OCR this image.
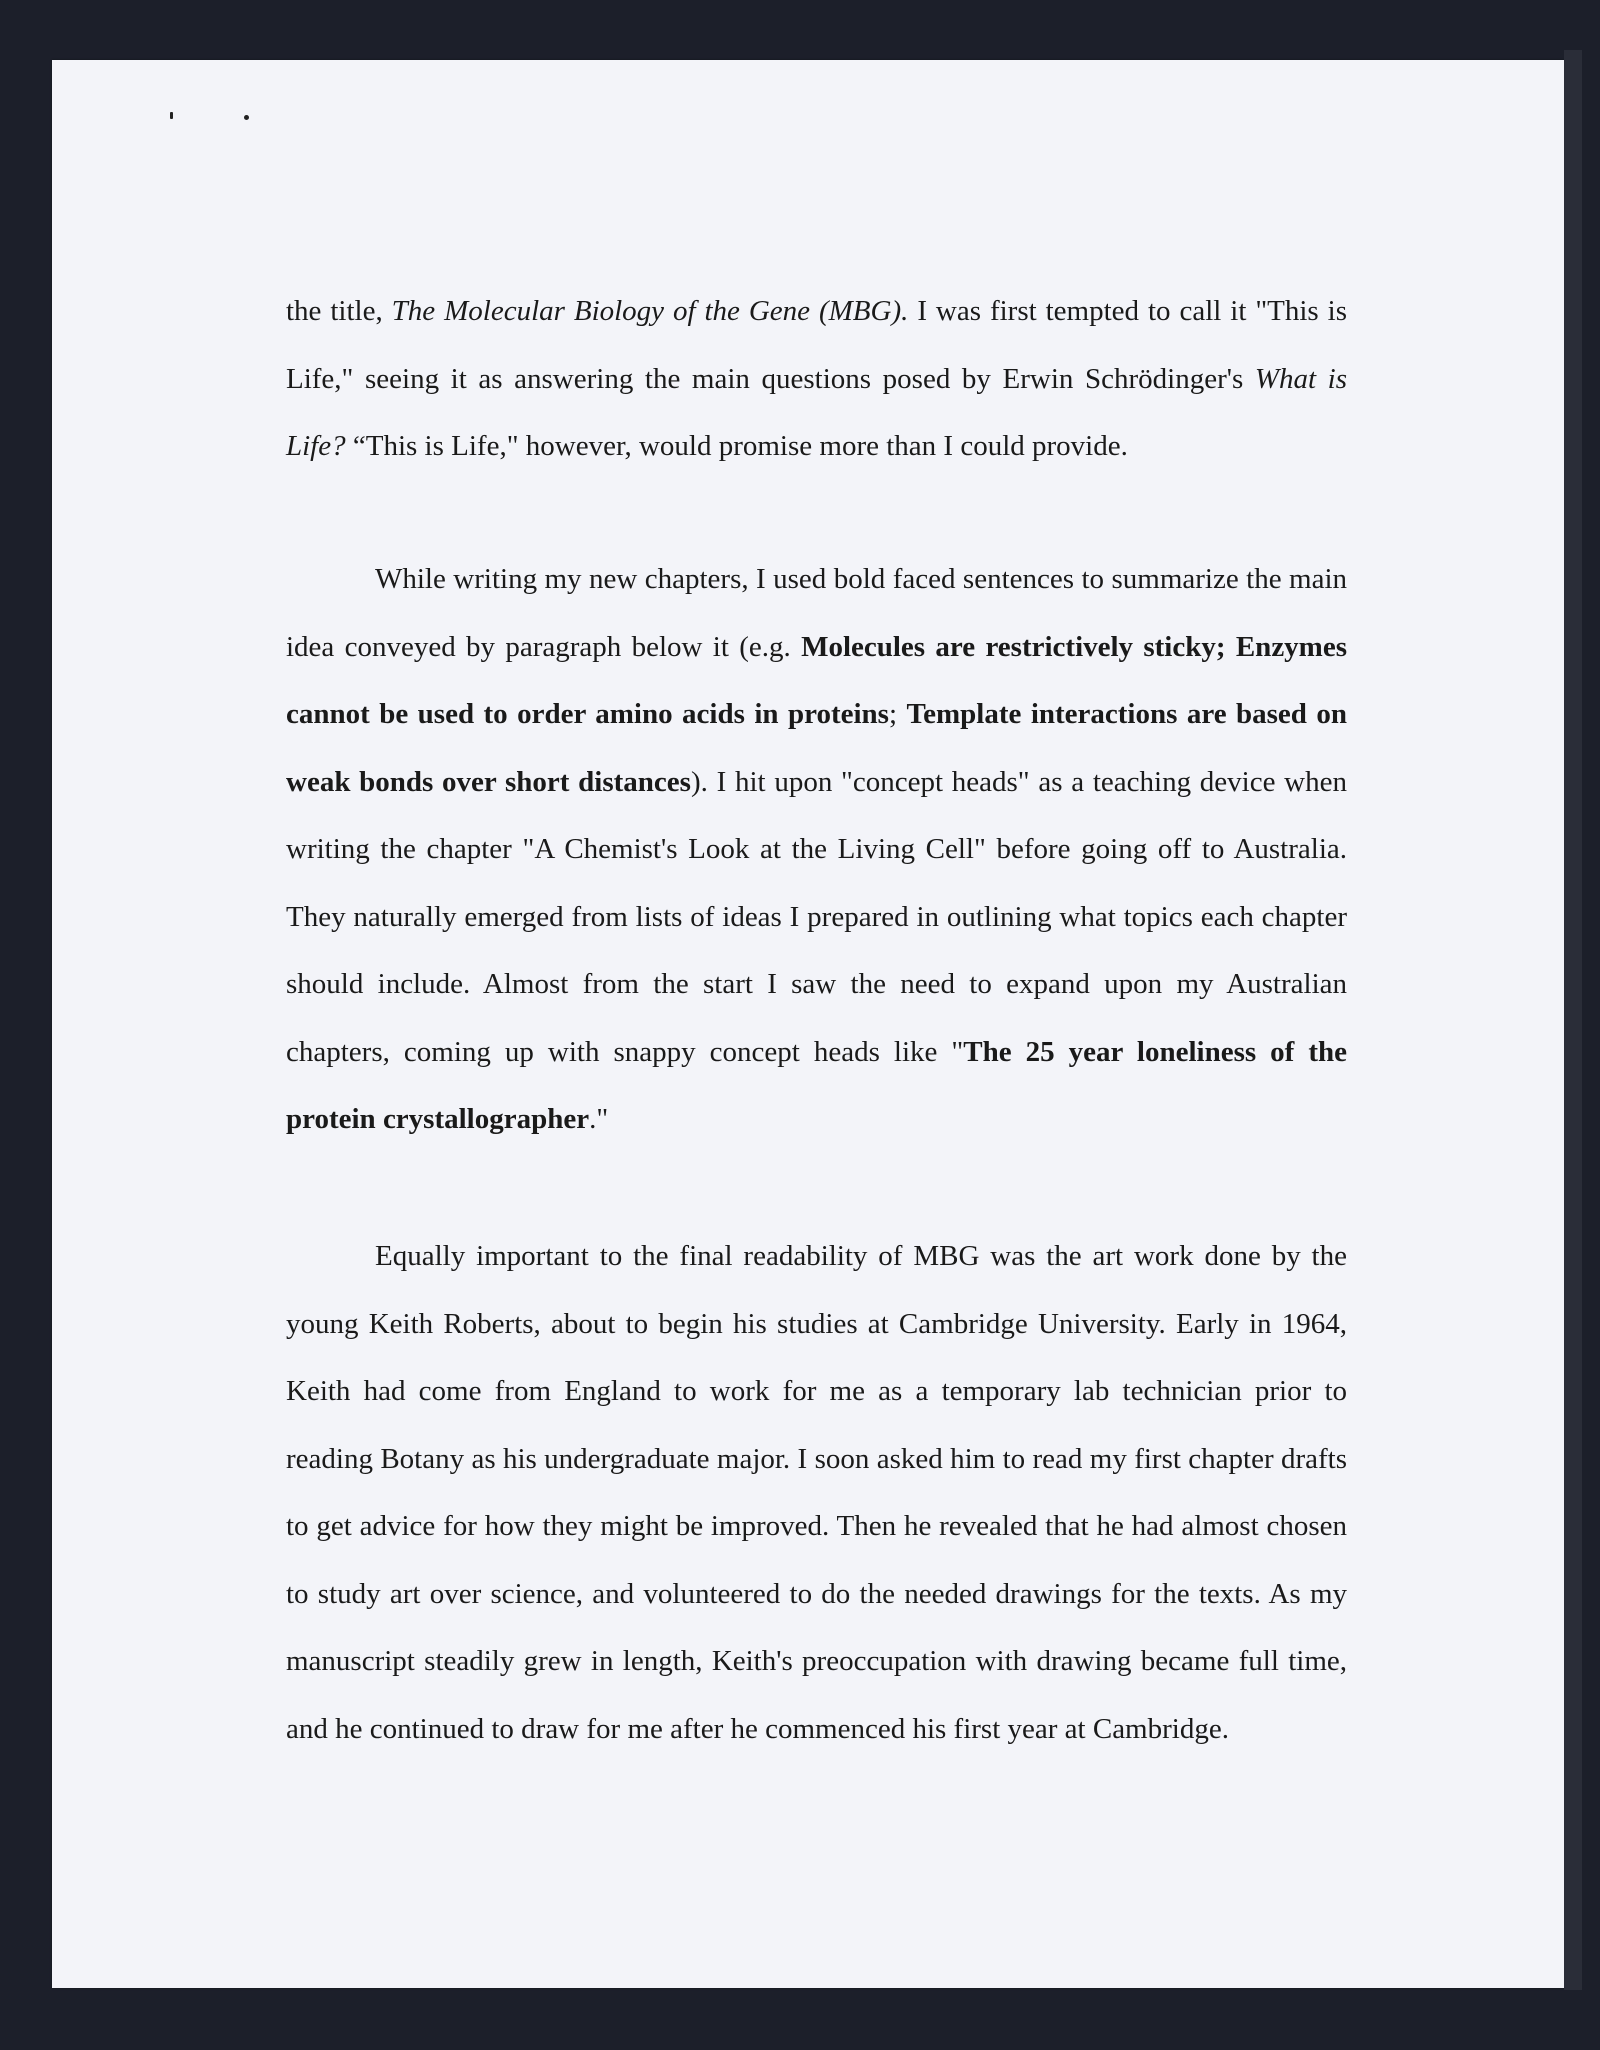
the title, The Molecular Biology of the Gene (MBG). I was first tempted to call it "This is Life," seeing it as answering the main questions posed by Erwin Schrödinger's What is Life? “This is Life," however, would promise more than I could provide.

While writing my new chapters, I used bold faced sentences to summarize the main idea conveyed by paragraph below it (e.g. Molecules are restrictively sticky; Enzymes cannot be used to order amino acids in proteins; Template interactions are based on weak bonds over short distances). I hit upon "concept heads" as a teaching device when writing the chapter "A Chemist's Look at the Living Cell" before going off to Australia. They naturally emerged from lists of ideas I prepared in outlining what topics each chapter should include. Almost from the start I saw the need to expand upon my Australian chapters, coming up with snappy concept heads like "The 25 year loneliness of the protein crystallographer."

Equally important to the final readability of MBG was the art work done by the young Keith Roberts, about to begin his studies at Cambridge University. Early in 1964, Keith had come from England to work for me as a temporary lab technician prior to reading Botany as his undergraduate major. I soon asked him to read my first chapter drafts to get advice for how they might be improved. Then he revealed that he had almost chosen to study art over science, and volunteered to do the needed drawings for the texts. As my manuscript steadily grew in length, Keith's preoccupation with drawing became full time, and he continued to draw for me after he commenced his first year at Cambridge.
